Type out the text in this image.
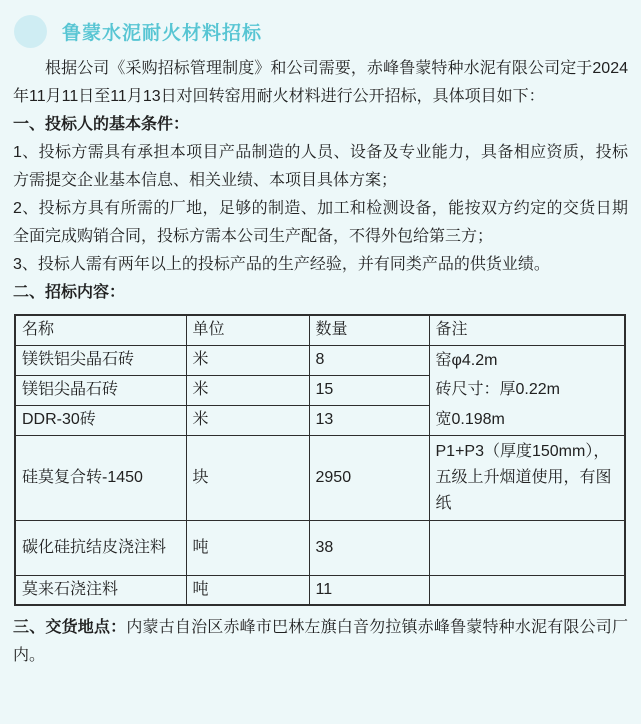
鲁蒙水泥耐火材料招标

根据公司《采购招标管理制度》和公司需要，赤峰鲁蒙特种水泥有限公司定于2024年11月11日至11月13日对回转窑用耐火材料进行公开招标，具体项目如下：

一、投标人的基本条件：

1、投标方需具有承担本项目产品制造的人员、设备及专业能力，具备相应资质，投标方需提交企业基本信息、相关业绩、本项目具体方案；

2、投标方具有所需的厂地，足够的制造、加工和检测设备，能按双方约定的交货日期全面完成购销合同，投标方需本公司生产配备，不得外包给第三方；

3、投标人需有两年以上的投标产品的生产经验，并有同类产品的供货业绩。

二、招标内容：

名称	单位	数量	备注
镁铁铝尖晶石砖	米	8	窑φ4.2m
砖尺寸：厚0.22m
宽0.198m

镁铝尖晶石砖	米	15	
DDR-30砖	米	13	
硅莫复合转-1450	块	2950	P1+P3（厚度150mm），五级上升烟道使用，有图纸
碳化硅抗结皮浇注料	吨	38	
莫来石浇注料	吨	11	

三、交货地点：内蒙古自治区赤峰市巴林左旗白音勿拉镇赤峰鲁蒙特种水泥有限公司厂内。
